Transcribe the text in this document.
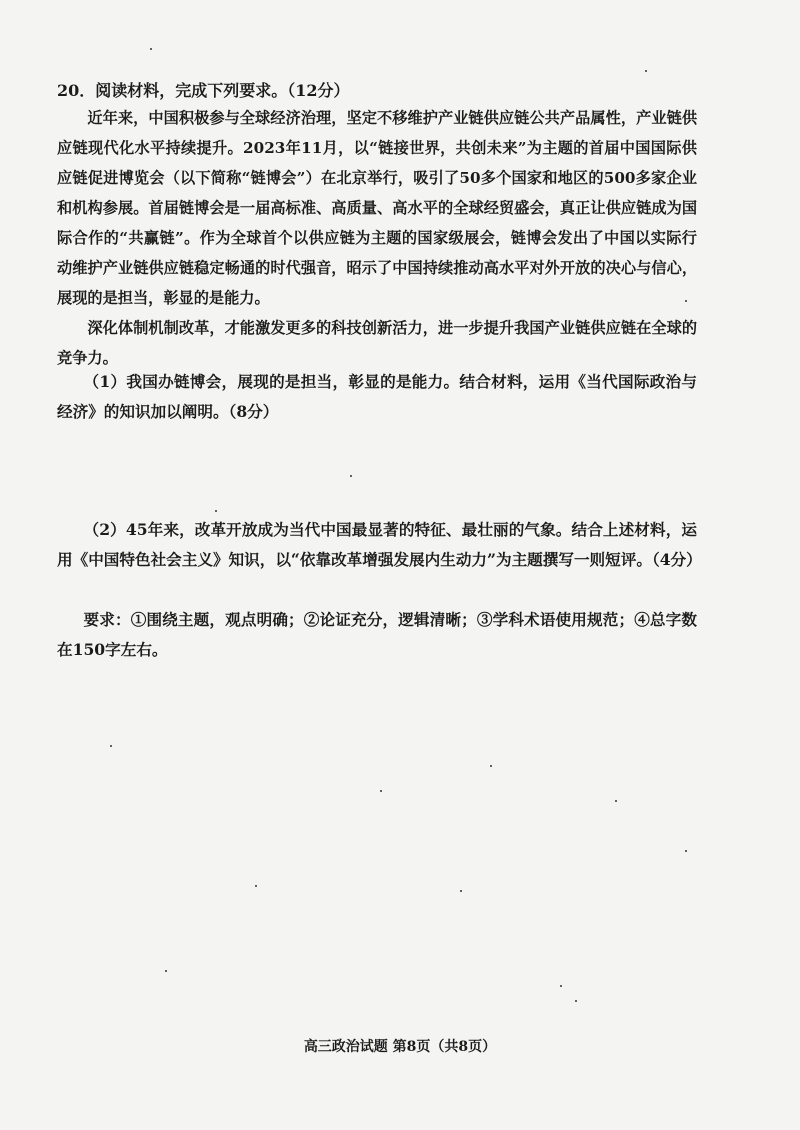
20．阅读材料，完成下列要求。（12分）

近年来，中国积极参与全球经济治理，坚定不移维护产业链供应链公共产品属性，产业链供应链现代化水平持续提升。2023年11月，以“链接世界，共创未来”为主题的首届中国国际供应链促进博览会（以下简称“链博会”）在北京举行，吸引了50多个国家和地区的500多家企业和机构参展。首届链博会是一届高标准、高质量、高水平的全球经贸盛会，真正让供应链成为国际合作的“共赢链”。作为全球首个以供应链为主题的国家级展会，链博会发出了中国以实际行动维护产业链供应链稳定畅通的时代强音，昭示了中国持续推动高水平对外开放的决心与信心，展现的是担当，彰显的是能力。

深化体制机制改革，才能激发更多的科技创新活力，进一步提升我国产业链供应链在全球的竞争力。

（1）我国办链博会，展现的是担当，彰显的是能力。结合材料，运用《当代国际政治与经济》的知识加以阐明。（8分）

（2）45年来，改革开放成为当代中国最显著的特征、最壮丽的气象。结合上述材料，运用《中国特色社会主义》知识，以“依靠改革增强发展内生动力”为主题撰写一则短评。（4分）

要求：①围绕主题，观点明确；②论证充分，逻辑清晰；③学科术语使用规范；④总字数在150字左右。

高三政治试题 第8页（共8页）
